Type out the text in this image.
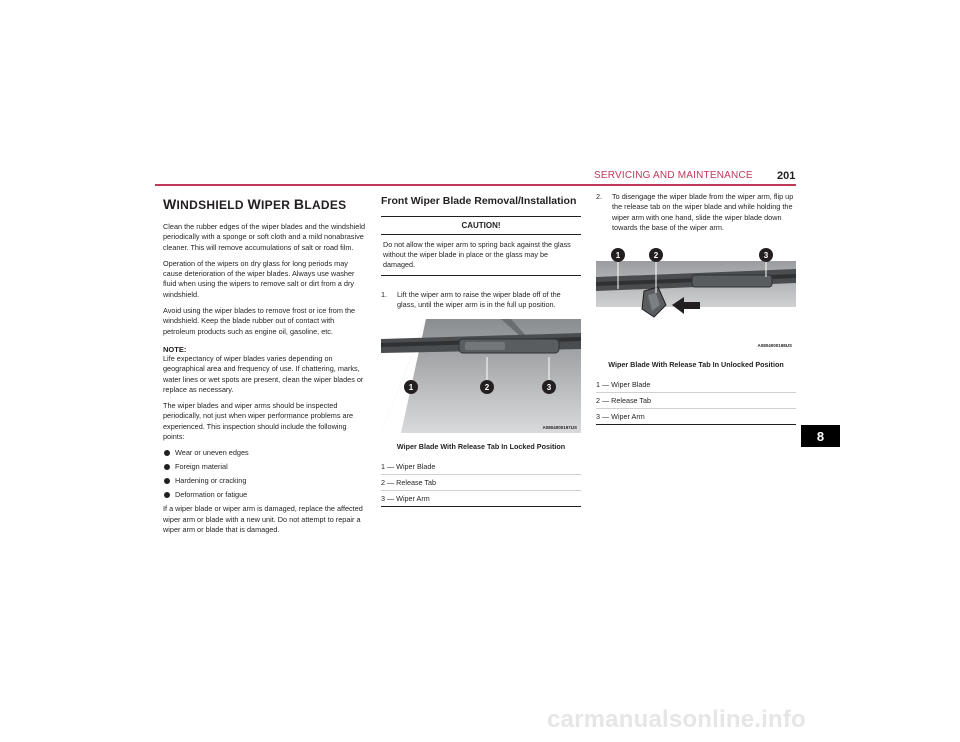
SERVICING AND MAINTENANCE 201
WINDSHIELD WIPER BLADES

Clean the rubber edges of the wiper blades and the windshield periodically with a sponge or soft cloth and a mild nonabrasive cleaner. This will remove accumulations of salt or road film.

Operation of the wipers on dry glass for long periods may cause deterioration of the wiper blades. Always use washer fluid when using the wipers to remove salt or dirt from a dry windshield.

Avoid using the wiper blades to remove frost or ice from the windshield. Keep the blade rubber out of contact with petroleum products such as engine oil, gasoline, etc.

NOTE:

Life expectancy of wiper blades varies depending on geographical area and frequency of use. If chattering, marks, water lines or wet spots are present, clean the wiper blades or replace as necessary.

The wiper blades and wiper arms should be inspected periodically, not just when wiper performance problems are experienced. This inspection should include the following points:

Wear or uneven edges
Foreign material
Hardening or cracking
Deformation or fatigue

If a wiper blade or wiper arm is damaged, replace the affected wiper arm or blade with a new unit. Do not attempt to repair a wiper arm or blade that is damaged.

Front Wiper Blade Removal/Installation
CAUTION!
Do not allow the wiper arm to spring back against the glass without the wiper blade in place or the glass may be damaged.
1. Lift the wiper arm to raise the wiper blade off of the glass, until the wiper arm is in the full up position.
1	2	3
A0804000197US
Wiper Blade With Release Tab In Locked Position
1 — Wiper Blade
2 — Release Tab
3 — Wiper Arm
2. To disengage the wiper blade from the wiper arm, flip up the release tab on the wiper blade and while holding the wiper arm with one hand, slide the wiper blade down towards the base of the wiper arm.
1	2	3
A0804000198US
Wiper Blade With Release Tab In Unlocked Position
1 — Wiper Blade
2 — Release Tab
3 — Wiper Arm
8
carmanualsonline.info
